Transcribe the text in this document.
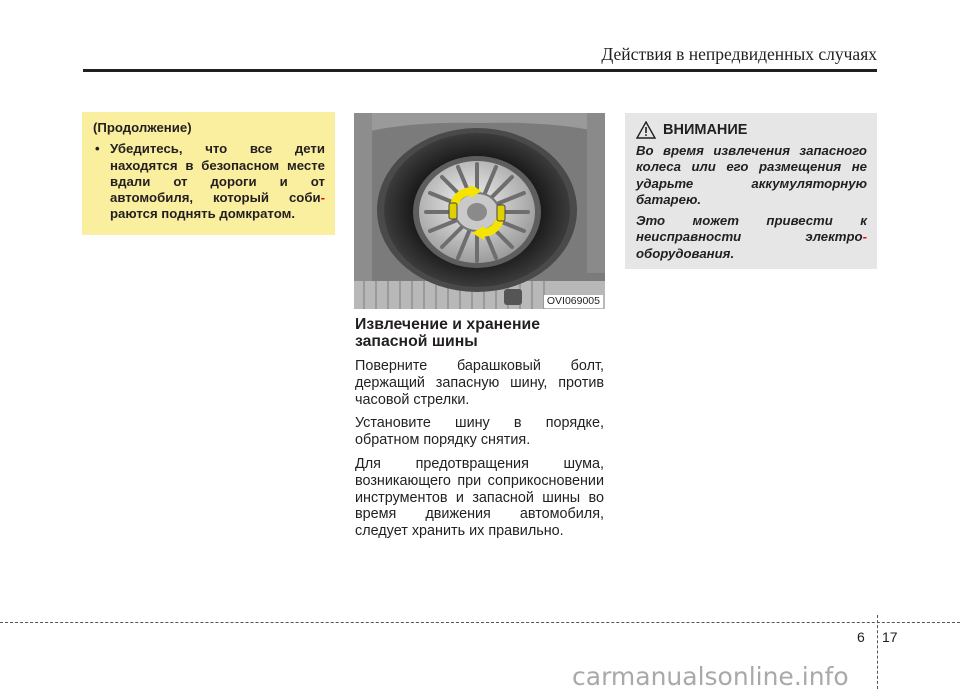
Действия в непредвиденных случаях
(Продолжение)
• Убедитесь, что все дети находятся в безопасном месте вдали от дороги и от автомобиля, который соби- раются поднять домкратом.
OVI069005
Извлечение и хранение запасной шины

Поверните барашковый болт, держащий запасную шину, против часовой стрелки.

Установите шину в порядке, обратном порядку снятия.

Для предотвращения шума, возникающего при соприкосновении инструментов и запасной шины во время движения автомобиля, следует хранить их правильно.

ВНИМАНИЕ

Во время извлечения запасного колеса или его размещения не ударьте аккумуляторную батарею.

Это может привести к неисправности электро- оборудования.

6 17
carmanualsonline.info
